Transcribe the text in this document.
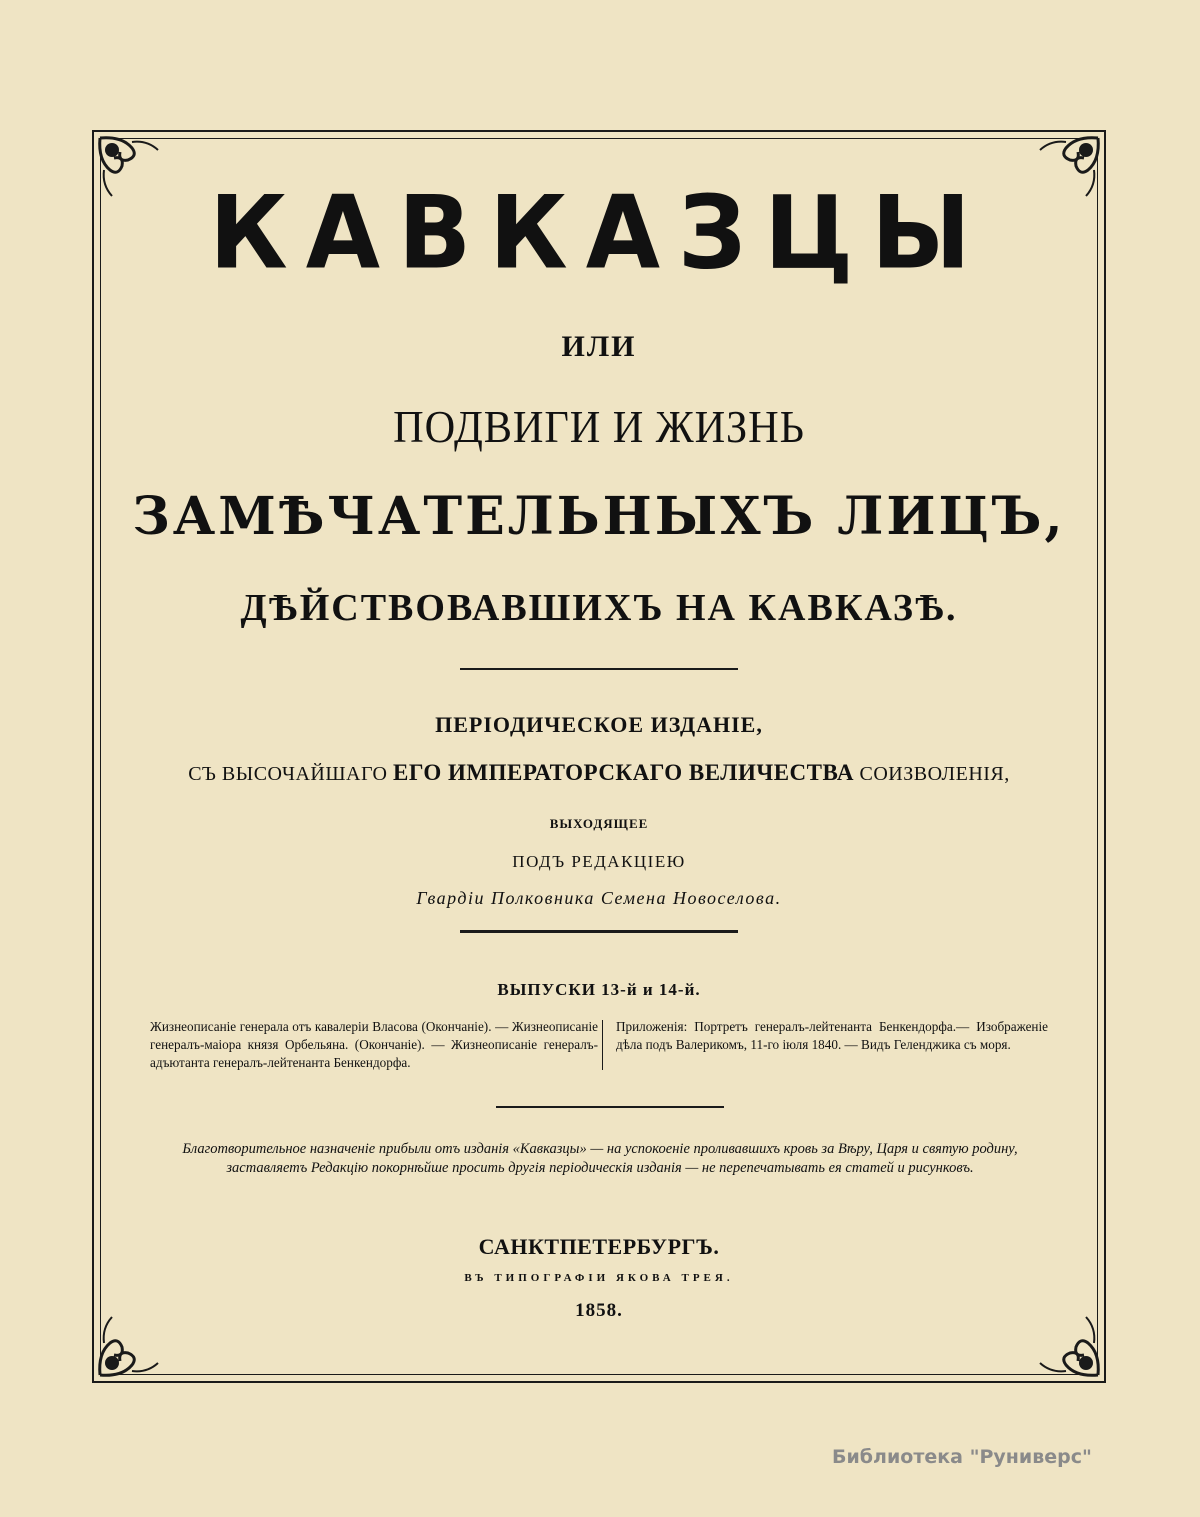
КАВКАЗЦЫ
ИЛИ
ПОДВИГИ И ЖИЗНЬ
ЗАМѢЧАТЕЛЬНЫХЪ ЛИЦЪ,
ДѢЙСТВОВАВШИХЪ НА КАВКАЗѢ.
ПЕРІОДИЧЕСКОЕ ИЗДАНІЕ,
СЪ ВЫСОЧАЙШАГО ЕГО ИМПЕРАТОРСКАГО ВЕЛИЧЕСТВА СОИЗВОЛЕНІЯ,
ВЫХОДЯЩЕЕ
ПОДЪ РЕДАКЦІЕЮ
Гвардіи Полковника Семена Новоселова.
ВЫПУСКИ 13-й и 14-й.
Жизнеописаніе генерала отъ кавалеріи Власова (Окончаніе). — Жизнеописаніе генералъ-маіора князя Орбельяна. (Окончаніе). — Жизнеописаніе генералъ-адъютанта генералъ-лейтенанта Бенкендорфа.
Приложенія: Портретъ генералъ-лейтенанта Бенкендорфа.— Изображеніе дѣла подъ Валерикомъ, 11-го іюля 1840. — Видъ Геленджика съ моря.
Благотворительное назначеніе прибыли отъ изданія «Кавказцы» — на успокоеніе проливавшихъ кровь за Вѣру, Царя и святую родину, заставляетъ Редакцію покорнѣйше просить другія періодическія изданія — не перепечатывать ея статей и рисунковъ.
САНКТПЕТЕРБУРГЪ.
ВЪ ТИПОГРАФІИ ЯКОВА ТРЕЯ.
1858.
Библиотека "Руниверс"
